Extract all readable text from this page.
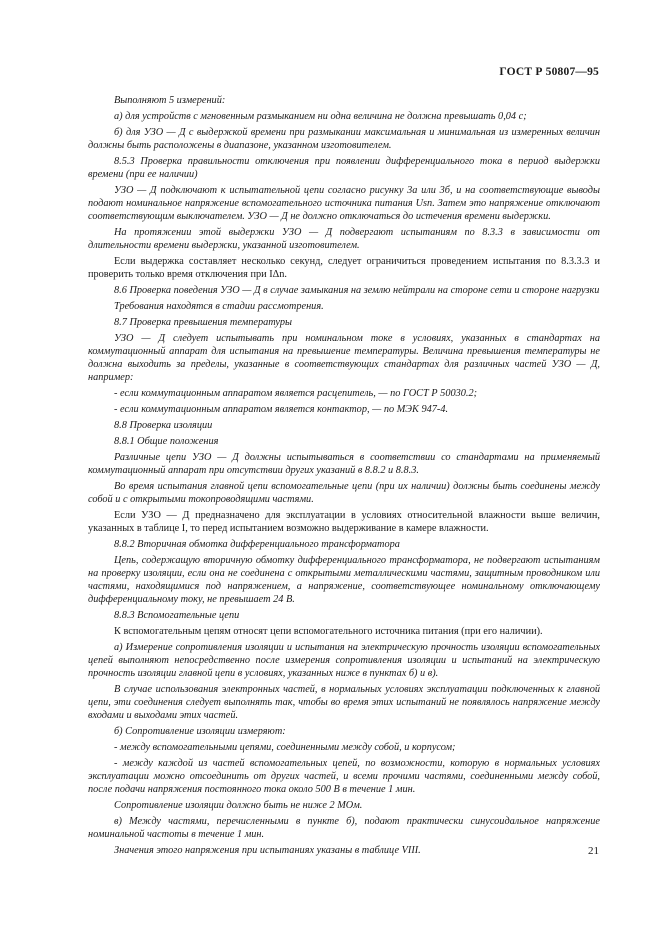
ГОСТ Р 50807—95

Выполняют 5 измерений:

а) для устройств с мгновенным размыканием ни одна величина не должна превышать 0,04 с;

б) для УЗО — Д с выдержкой времени при размыкании максимальная и минимальная из измеренных величин должны быть расположены в диапазоне, указанном изготовителем.

8.5.3 Проверка правильности отключения при появлении дифференциального тока в период выдержки времени (при ее наличии)

УЗО — Д подключают к испытательной цепи согласно рисунку 3а или 3б, и на соответствующие выводы подают номинальное напряжение вспомогательного источника питания Usn. Затем это напряжение отключают соответствующим выключателем. УЗО — Д не должно отключаться до истечения времени выдержки.

На протяжении этой выдержки УЗО — Д подвергают испытаниям по 8.3.3 в зависимости от длительности времени выдержки, указанной изготовителем.

Если выдержка составляет несколько секунд, следует ограничиться проведением испытания по 8.3.3.3 и проверить только время отключения при IΔn.

8.6 Проверка поведения УЗО — Д в случае замыкания на землю нейтрали на стороне сети и стороне нагрузки

Требования находятся в стадии рассмотрения.

8.7 Проверка превышения температуры

УЗО — Д следует испытывать при номинальном токе в условиях, указанных в стандартах на коммутационный аппарат для испытания на превышение температуры. Величина превышения температуры не должна выходить за пределы, указанные в соответствующих стандартах для различных частей УЗО — Д, например:

- если коммутационным аппаратом является расцепитель, — по ГОСТ Р 50030.2;

- если коммутационным аппаратом является контактор, — по МЭК 947-4.

8.8 Проверка изоляции

8.8.1 Общие положения

Различные цепи УЗО — Д должны испытываться в соответствии со стандартами на применяемый коммутационный аппарат при отсутствии других указаний в 8.8.2 и 8.8.3.

Во время испытания главной цепи вспомогательные цепи (при их наличии) должны быть соединены между собой и с открытыми токопроводящими частями.

Если УЗО — Д предназначено для эксплуатации в условиях относительной влажности выше величин, указанных в таблице I, то перед испытанием возможно выдерживание в камере влажности.

8.8.2 Вторичная обмотка дифференциального трансформатора

Цепь, содержащую вторичную обмотку дифференциального трансформатора, не подвергают испытаниям на проверку изоляции, если она не соединена с открытыми металлическими частями, защитным проводником или частями, находящимися под напряжением, а напряжение, соответствующее номинальному отключающему дифференциальному току, не превышает 24 В.

8.8.3 Вспомогательные цепи

К вспомогательным цепям относят цепи вспомогательного источника питания (при его наличии).

а) Измерение сопротивления изоляции и испытания на электрическую прочность изоляции вспомогательных цепей выполняют непосредственно после измерения сопротивления изоляции и испытаний на электрическую прочность изоляции главной цепи в условиях, указанных ниже в пунктах б) и в).

В случае использования электронных частей, в нормальных условиях эксплуатации подключенных к главной цепи, эти соединения следует выполнять так, чтобы во время этих испытаний не появлялось напряжение между входами и выходами этих частей.

б) Сопротивление изоляции измеряют:

- между вспомогательными цепями, соединенными между собой, и корпусом;

- между каждой из частей вспомогательных цепей, по возможности, которую в нормальных условиях эксплуатации можно отсоединить от других частей, и всеми прочими частями, соединенными между собой, после подачи напряжения постоянного тока около 500 В в течение 1 мин.

Сопротивление изоляции должно быть не ниже 2 МОм.

в) Между частями, перечисленными в пункте б), подают практически синусоидальное напряжение номинальной частоты в течение 1 мин.

Значения этого напряжения при испытаниях указаны в таблице VIII.	21
